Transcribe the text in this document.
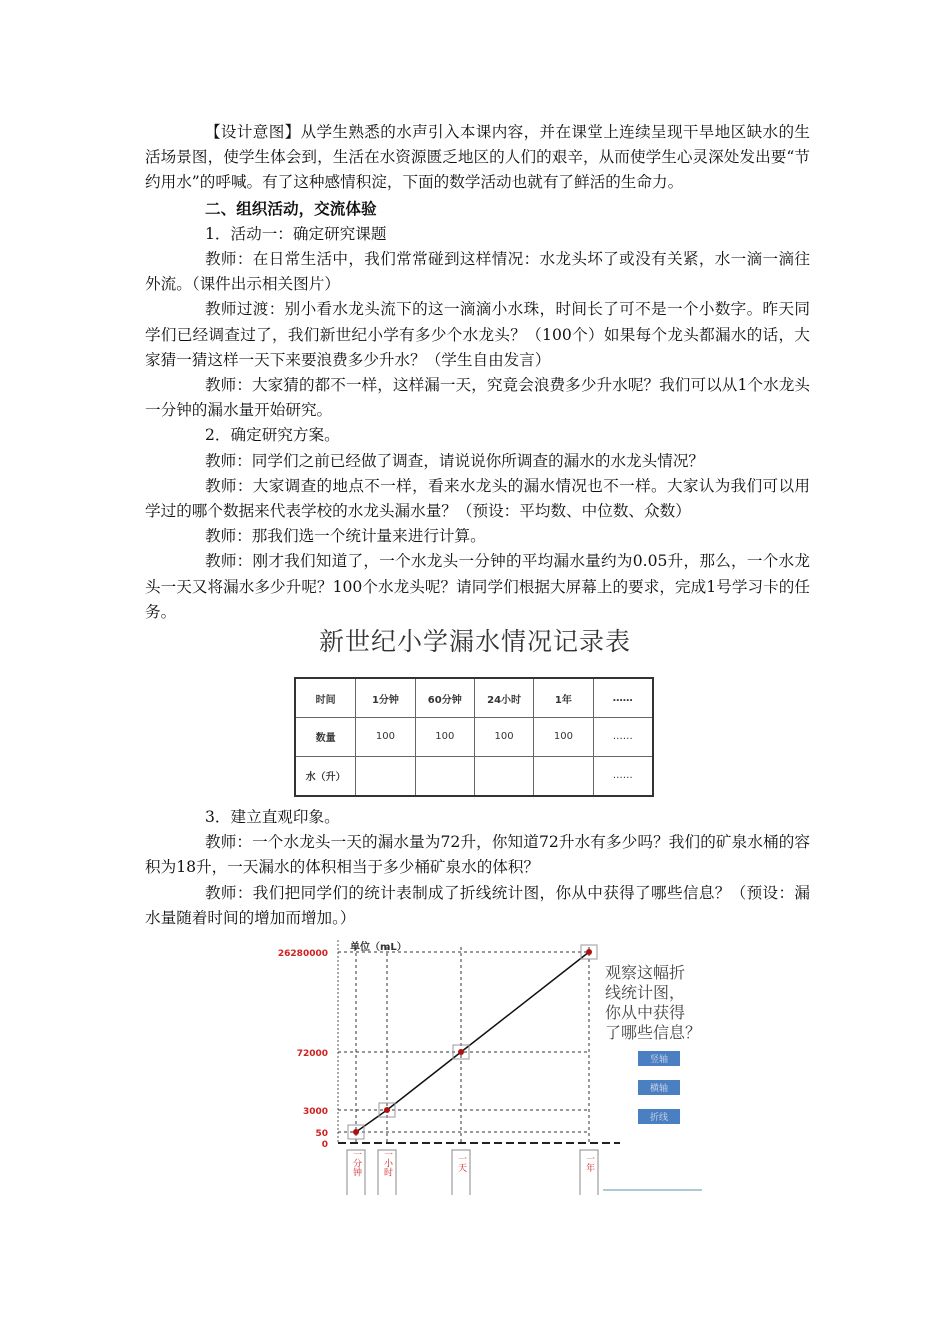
【设计意图】从学生熟悉的水声引入本课内容，并在课堂上连续呈现干旱地区缺水的生活场景图，使学生体会到，生活在水资源匮乏地区的人们的艰辛，从而使学生心灵深处发出要“节约用水”的呼喊。有了这种感情积淀，下面的数学活动也就有了鲜活的生命力。

二、组织活动，交流体验

1．活动一：确定研究课题

教师：在日常生活中，我们常常碰到这样情况：水龙头坏了或没有关紧，水一滴一滴往外流。（课件出示相关图片）

教师过渡：别小看水龙头流下的这一滴滴小水珠，时间长了可不是一个小数字。昨天同学们已经调查过了，我们新世纪小学有多少个水龙头？（100个）如果每个龙头都漏水的话，大家猜一猜这样一天下来要浪费多少升水？（学生自由发言）

教师：大家猜的都不一样，这样漏一天，究竟会浪费多少升水呢？我们可以从1个水龙头一分钟的漏水量开始研究。

2．确定研究方案。

教师：同学们之前已经做了调查，请说说你所调查的漏水的水龙头情况？

教师：大家调查的地点不一样，看来水龙头的漏水情况也不一样。大家认为我们可以用学过的哪个数据来代表学校的水龙头漏水量？（预设：平均数、中位数、众数）

教师：那我们选一个统计量来进行计算。

教师：刚才我们知道了，一个水龙头一分钟的平均漏水量约为0.05升，那么，一个水龙头一天又将漏水多少升呢？100个水龙头呢？请同学们根据大屏幕上的要求，完成1号学习卡的任务。

新世纪小学漏水情况记录表
时间	1分钟	60分钟	24小时	1年	……
数量	100	100	100	100	……
水（升）					……

3．建立直观印象。

教师：一个水龙头一天的漏水量为72升，你知道72升水有多少吗？我们的矿泉水桶的容积为18升，一天漏水的体积相当于多少桶矿泉水的体积？

教师：我们把同学们的统计表制成了折线统计图，你从中获得了哪些信息？（预设：漏水量随着时间的增加而增加。）

单位（mL）
0
50
3000
72000
26280000
一分钟 一小时	一天	一年
观察这幅折
线统计图，
你从中获得
了哪些信息？
竖轴
横轴
折线
